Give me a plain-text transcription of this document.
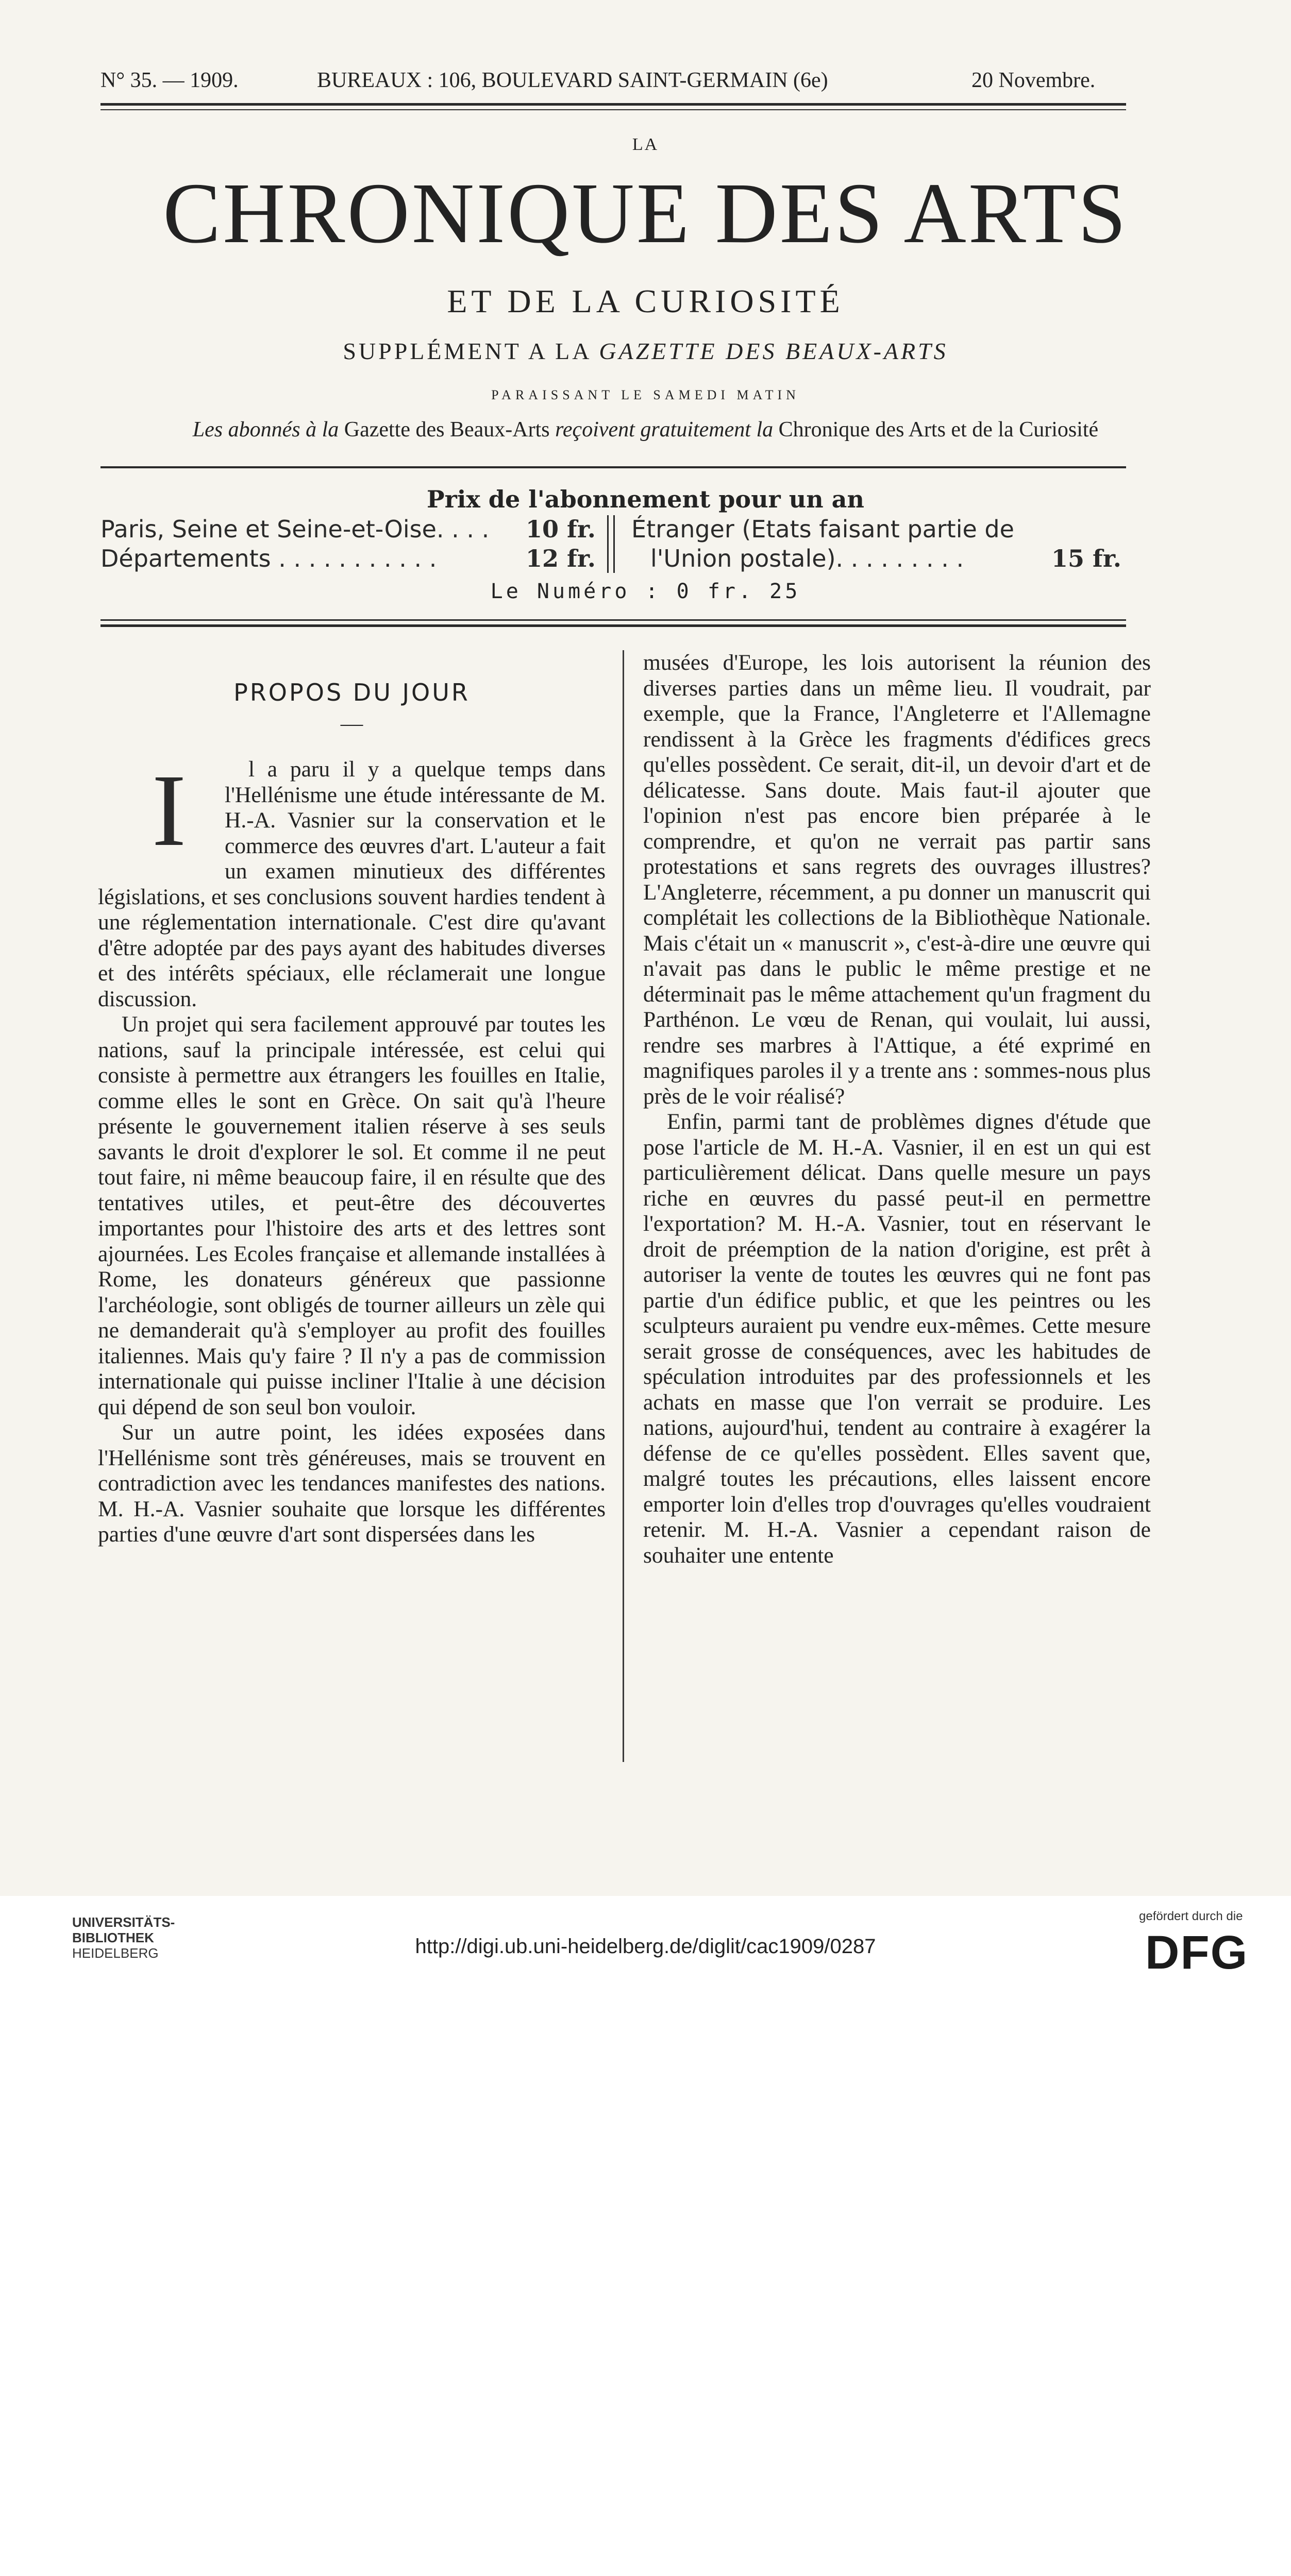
N° 35. — 1909.	BUREAUX : 106, BOULEVARD SAINT-GERMAIN (6e)	20 Novembre.
LA
CHRONIQUE DES ARTS
ET DE LA CURIOSITÉ
SUPPLÉMENT A LA GAZETTE DES BEAUX-ARTS
PARAISSANT LE SAMEDI MATIN
Les abonnés à la Gazette des Beaux-Arts reçoivent gratuitement la Chronique des Arts et de la Curiosité
Prix de l'abonnement pour un an
Paris, Seine et Seine-et-Oise. . . . 10 fr.
Départements . . . . . . . . . . .	12 fr.
Étranger (Etats faisant partie de
l'Union postale). . . . . . . . .	15 fr.
Le Numéro : 0 fr. 25

PROPOS DU JOUR

—

I	l a paru il y a quelque temps dans l'Hellénisme une étude intéressante de M. H.-A. Vasnier sur la conservation et le commerce des œuvres d'art. L'auteur a fait un examen minutieux des différentes législations, et ses conclusions souvent hardies tendent à une réglementation internationale. C'est dire qu'avant d'être adoptée par des pays ayant des habitudes diverses et des intérêts spéciaux, elle réclamerait une longue discussion.

Un projet qui sera facilement approuvé par toutes les nations, sauf la principale intéressée, est celui qui consiste à permettre aux étrangers les fouilles en Italie, comme elles le sont en Grèce. On sait qu'à l'heure présente le gouvernement italien réserve à ses seuls savants le droit d'explorer le sol. Et comme il ne peut tout faire, ni même beaucoup faire, il en résulte que des tentatives utiles, et peut-être des découvertes importantes pour l'histoire des arts et des lettres sont ajournées. Les Ecoles française et allemande installées à Rome, les donateurs généreux que passionne l'archéologie, sont obligés de tourner ailleurs un zèle qui ne demanderait qu'à s'employer au profit des fouilles italiennes. Mais qu'y faire ? Il n'y a pas de commission internationale qui puisse incliner l'Italie à une décision qui dépend de son seul bon vouloir.

Sur un autre point, les idées exposées dans l'Hellénisme sont très généreuses, mais se trouvent en contradiction avec les tendances manifestes des nations. M. H.-A. Vasnier souhaite que lorsque les différentes parties d'une œuvre d'art sont dispersées dans les

musées d'Europe, les lois autorisent la réunion des diverses parties dans un même lieu. Il voudrait, par exemple, que la France, l'Angleterre et l'Allemagne rendissent à la Grèce les fragments d'édifices grecs qu'elles possèdent. Ce serait, dit-il, un devoir d'art et de délicatesse. Sans doute. Mais faut-il ajouter que l'opinion n'est pas encore bien préparée à le comprendre, et qu'on ne verrait pas partir sans protestations et sans regrets des ouvrages illustres? L'Angleterre, récemment, a pu donner un manuscrit qui complétait les collections de la Bibliothèque Nationale. Mais c'était un « manuscrit », c'est-à-dire une œuvre qui n'avait pas dans le public le même prestige et ne déterminait pas le même attachement qu'un fragment du Parthénon. Le vœu de Renan, qui voulait, lui aussi, rendre ses marbres à l'Attique, a été exprimé en magnifiques paroles il y a trente ans : sommes-nous plus près de le voir réalisé?

Enfin, parmi tant de problèmes dignes d'étude que pose l'article de M. H.-A. Vasnier, il en est un qui est particulièrement délicat. Dans quelle mesure un pays riche en œuvres du passé peut-il en permettre l'exportation? M. H.-A. Vasnier, tout en réservant le droit de préemption de la nation d'origine, est prêt à autoriser la vente de toutes les œuvres qui ne font pas partie d'un édifice public, et que les peintres ou les sculpteurs auraient pu vendre eux-mêmes. Cette mesure serait grosse de conséquences, avec les habitudes de spéculation introduites par des professionnels et les achats en masse que l'on verrait se produire. Les nations, aujourd'hui, tendent au contraire à exagérer la défense de ce qu'elles possèdent. Elles savent que, malgré toutes les précautions, elles laissent encore emporter loin d'elles trop d'ouvrages qu'elles voudraient retenir. M. H.-A. Vasnier a cependant raison de souhaiter une entente

UNIVERSITÄTS-
BIBLIOTHEK
HEIDELBERG	http://digi.ub.uni-heidelberg.de/diglit/cac1909/0287
gefördert durch die
DFG
